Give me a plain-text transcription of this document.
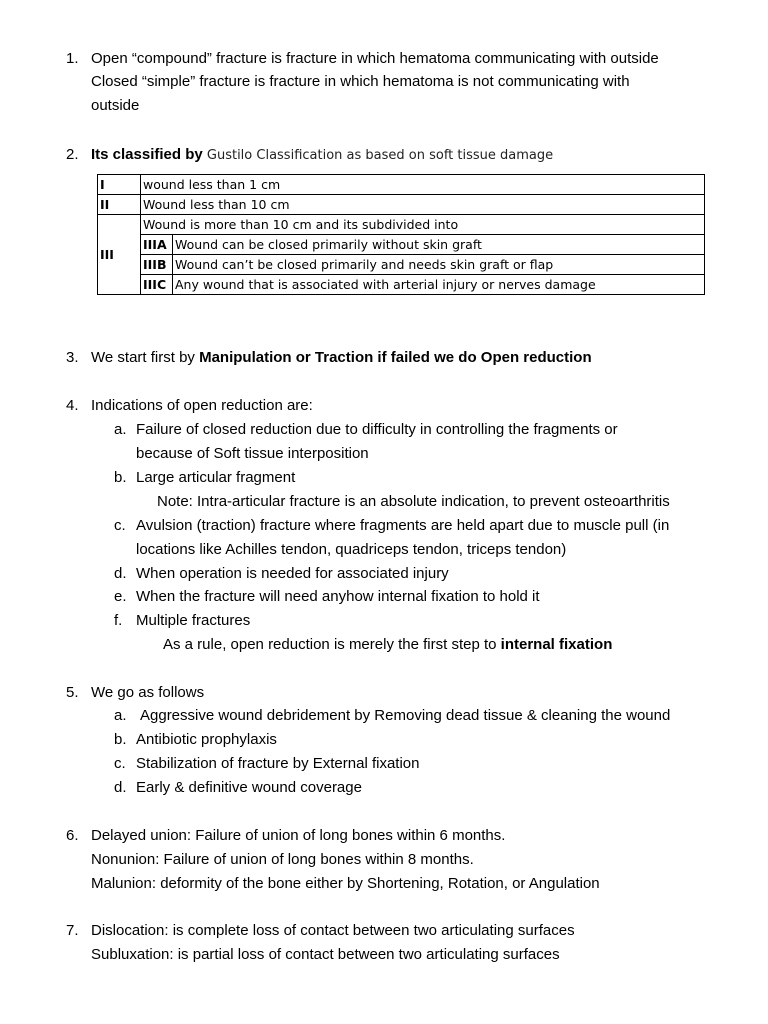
1. Open “compound” fracture is fracture in which hematoma communicating with outside
Closed “simple” fracture is fracture in which hematoma is not communicating with
outside
2. Its classified by Gustilo Classification as based on soft tissue damage
I	wound less than 1 cm	
II	Wound less than 10 cm	
III	Wound is more than 10 cm and its subdivided into	
	IIIA	Wound can be closed primarily without skin graft
	IIIB	Wound can’t be closed primarily and needs skin graft or flap
	IIIC	Any wound that is associated with arterial injury or nerves damage
3. We start first by Manipulation or Traction if failed we do Open reduction
4. Indications of open reduction are:
a. Failure of closed reduction due to difficulty in controlling the fragments or
because of Soft tissue interposition
b. Large articular fragment
Note: Intra-articular fracture is an absolute indication, to prevent osteoarthritis
c. Avulsion (traction) fracture where fragments are held apart due to muscle pull (in
locations like Achilles tendon, quadriceps tendon, triceps tendon)
d. When operation is needed for associated injury
e. When the fracture will need anyhow internal fixation to hold it
f. Multiple fractures
As a rule, open reduction is merely the first step to internal fixation
5. We go as follows
a. Aggressive wound debridement by Removing dead tissue & cleaning the wound
b. Antibiotic prophylaxis
c. Stabilization of fracture by External fixation
d. Early & definitive wound coverage
6. Delayed union: Failure of union of long bones within 6 months.
Nonunion: Failure of union of long bones within 8 months.
Malunion: deformity of the bone either by Shortening, Rotation, or Angulation
7. Dislocation: is complete loss of contact between two articulating surfaces
Subluxation: is partial loss of contact between two articulating surfaces
